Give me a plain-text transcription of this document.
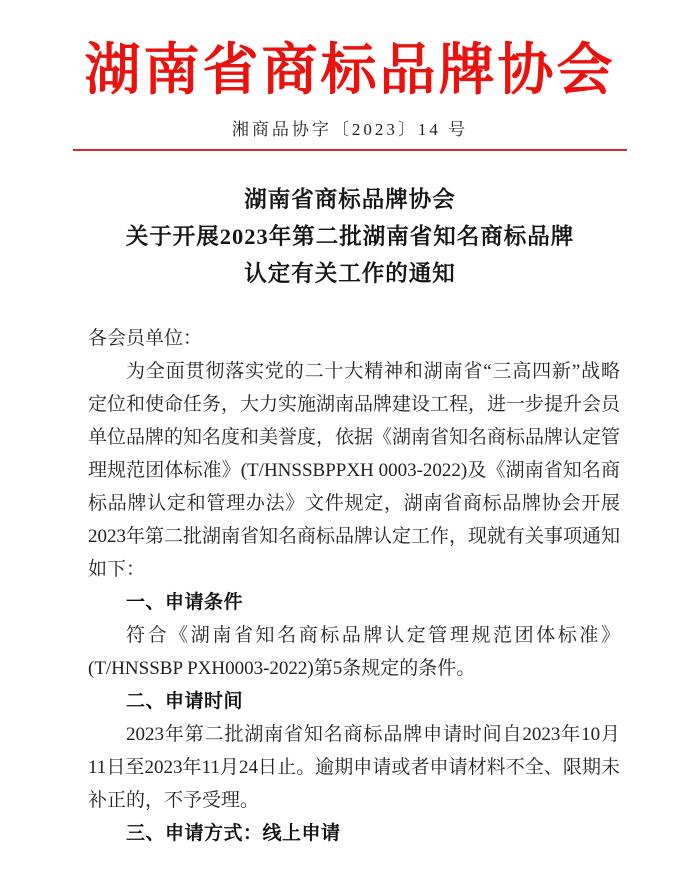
湖南省商标品牌协会
湘商品协字〔2023〕14 号
湖南省商标品牌协会
关于开展2023年第二批湖南省知名商标品牌
认定有关工作的通知
各会员单位：
为全面贯彻落实党的二十大精神和湖南省“三高四新”战略
定位和使命任务，大力实施湖南品牌建设工程，进一步提升会员
单位品牌的知名度和美誉度，依据《湖南省知名商标品牌认定管
理规范团体标准》(T/HNSSBPPXH 0003-2022)及《湖南省知名商
标品牌认定和管理办法》文件规定，湖南省商标品牌协会开展
2023年第二批湖南省知名商标品牌认定工作，现就有关事项通知
如下：
一、申请条件
符合《湖南省知名商标品牌认定管理规范团体标准》
(T/HNSSBP PXH0003-2022)第5条规定的条件。
二、申请时间
2023年第二批湖南省知名商标品牌申请时间自2023年10月
11日至2023年11月24日止。逾期申请或者申请材料不全、限期未
补正的，不予受理。
三、申请方式：线上申请
